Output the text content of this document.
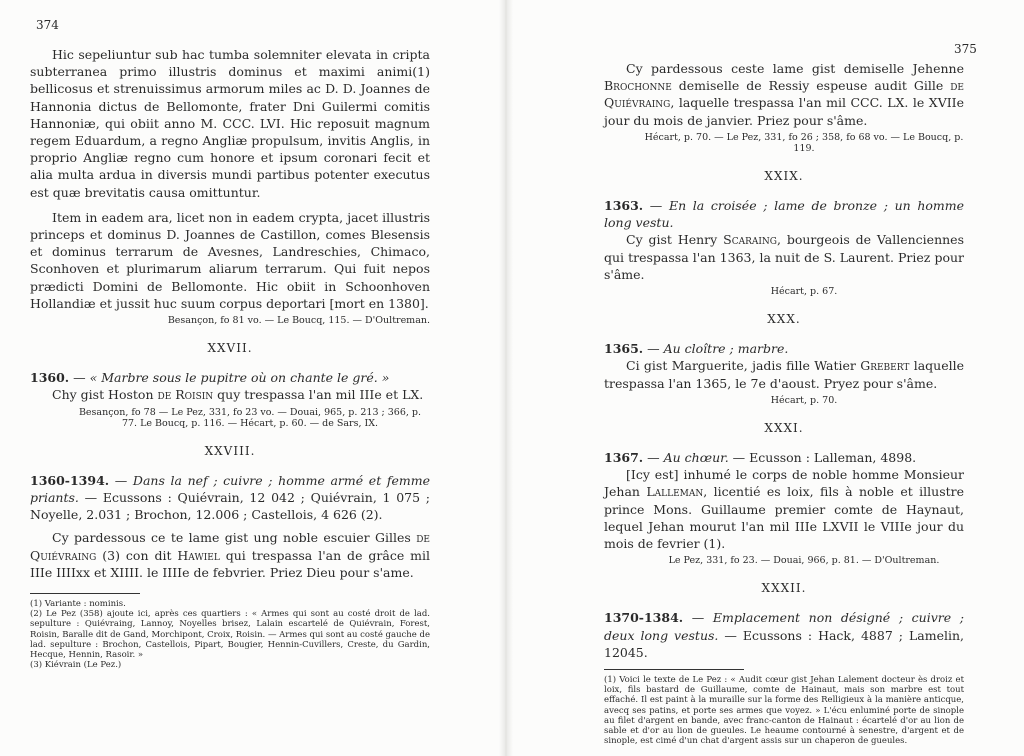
374

Hic sepeliuntur sub hac tumba solemniter elevata in cripta subterranea primo illustris dominus et maximi animi(1) bellicosus et strenuissimus armorum miles ac D. D. Joannes de Hannonia dictus de Bellomonte, frater Dni Guilermi comitis Hannoniæ, qui obiit anno M. CCC. LVI. Hic reposuit magnum regem Eduardum, a regno Angliæ propulsum, invitis Anglis, in proprio Angliæ regno cum honore et ipsum coronari fecit et alia multa ardua in diversis mundi partibus potenter executus est quæ brevitatis causa omittuntur.

Item in eadem ara, licet non in eadem crypta, jacet illustris princeps et dominus D. Joannes de Castillon, comes Blesensis et dominus terrarum de Avesnes, Landreschies, Chimaco, Sconhoven et plurimarum aliarum terrarum. Qui fuit nepos prædicti Domini de Bellomonte. Hic obiit in Schoonhoven Hollandiæ et jussit huc suum corpus deportari [mort en 1380].

Besançon, fo 81 vo. — Le Boucq, 115. — D'Oultreman.

XXVII.

1360. — « Marbre sous le pupitre où on chante le gré. »

Chy gist Hoston de Roisin quy trespassa l'an mil IIIe et LX.

Besançon, fo 78 — Le Pez, 331, fo 23 vo. — Douai, 965, p. 213 ; 366, p. 77. Le Boucq, p. 116. — Hécart, p. 60. — de Sars, IX.

XXVIII.

1360-1394. — Dans la nef ; cuivre ; homme armé et femme priants. — Ecussons : Quiévrain, 12 042 ; Quiévrain, 1 075 ; Noyelle, 2.031 ; Brochon, 12.006 ; Castellois, 4 626 (2).

Cy pardessous ce te lame gist ung noble escuier Gilles de Quiévraing (3) con dit Hawiel qui trespassa l'an de grâce mil IIIe IIIIxx et XIIII. le IIIIe de febvrier. Priez Dieu pour s'ame.

(1) Variante : nominis.

(2) Le Pez (358) ajoute ici, après ces quartiers : « Armes qui sont au costé droit de lad. sepulture : Quiévraing, Lannoy, Noyelles brisez, Lalain escartelé de Quiévrain, Forest, Roisin, Baralle dit de Gand, Morchipont, Croix, Roisin. — Armes qui sont au costé gauche de lad. sepulture : Brochon, Castellois, Pipart, Bougier, Hennin-Cuvillers, Creste, du Gardin, Hecque, Hennin, Rasoir. »

(3) Kiévrain (Le Pez.)

375

Cy pardessous ceste lame gist demiselle Jehenne Brochonne demiselle de Ressiy espeuse audit Gille de Quiévraing, laquelle trespassa l'an mil CCC. LX. le XVIIe jour du mois de janvier. Priez pour s'âme.

Hécart, p. 70. — Le Pez, 331, fo 26 ; 358, fo 68 vo. — Le Boucq, p. 119.

XXIX.

1363. — En la croisée ; lame de bronze ; un homme long vestu.

Cy gist Henry Scaraing, bourgeois de Vallenciennes qui trespassa l'an 1363, la nuit de S. Laurent. Priez pour s'âme.

Hécart, p. 67.

XXX.

1365. — Au cloître ; marbre.

Ci gist Marguerite, jadis fille Watier Grebert laquelle trespassa l'an 1365, le 7e d'aoust. Pryez pour s'âme.

Hécart, p. 70.

XXXI.

1367. — Au chœur. — Ecusson : Lalleman, 4898.

[Icy est] inhumé le corps de noble homme Monsieur Jehan Lalleman, licentié es loix, fils à noble et illustre prince Mons. Guillaume premier comte de Haynaut, lequel Jehan mourut l'an mil IIIe LXVII le VIIIe jour du mois de fevrier (1).

Le Pez, 331, fo 23. — Douai, 966, p. 81. — D'Oultreman.

XXXII.

1370-1384. — Emplacement non désigné ; cuivre ; deux long vestus. — Ecussons : Hack, 4887 ; Lamelin, 12045.

(1) Voici le texte de Le Pez : « Audit cœur gist Jehan Lalement docteur ès droiz et loix, fils bastard de Guillaume, comte de Hainaut, mais son marbre est tout effaché. Il est paint à la muraille sur la forme des Relligieux à la manière anticque, avecq ses patins, et porte ses armes que voyez. » L'écu enluminé porte de sinople au filet d'argent en bande, avec franc-canton de Hainaut : écartelé d'or au lion de sable et d'or au lion de gueules. Le heaume contourné à senestre, d'argent et de sinople, est cimé d'un chat d'argent assis sur un chaperon de gueules.
